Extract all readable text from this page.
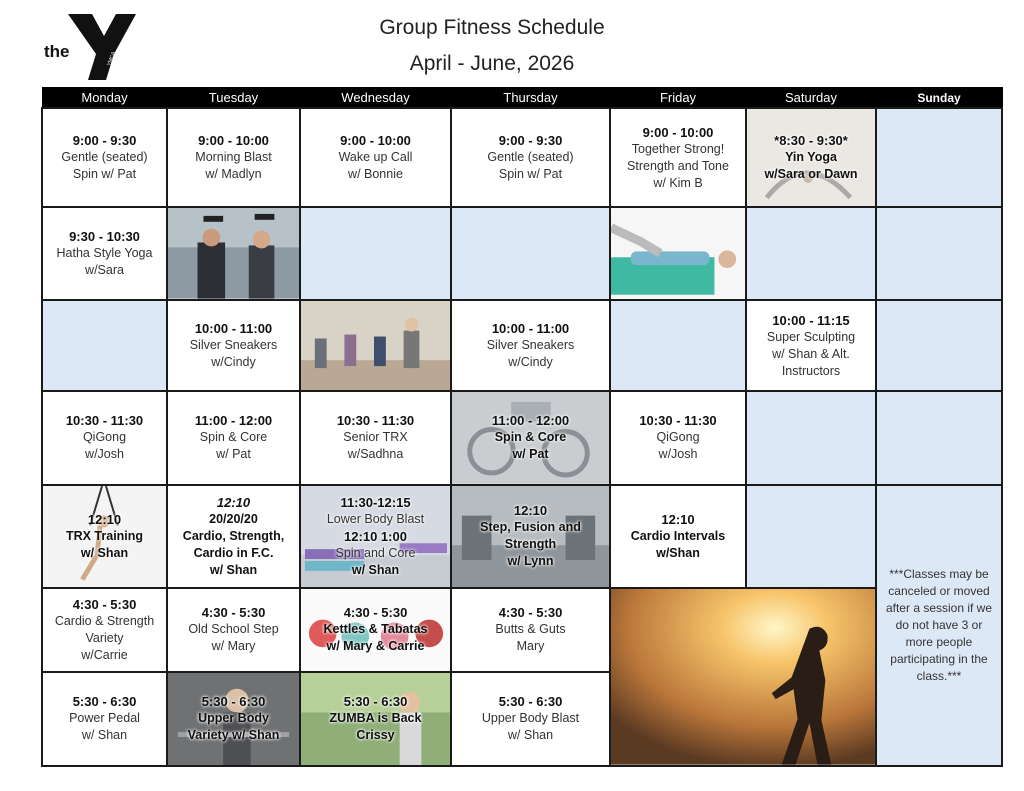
the	YMCA
Group Fitness Schedule
April - June, 2026
Monday	Tuesday	Wednesday	Thursday	Friday	Saturday	Sunday

9:00 - 9:30
Gentle (seated)
Spin w/ Pat	9:00 - 10:00
Morning Blast
w/ Madlyn	9:00 - 10:00
Wake up Call
w/ Bonnie	9:00 - 9:30
Gentle (seated)
Spin w/ Pat	9:00 - 10:00
Together Strong!
Strength and Tone
w/ Kim B	*8:30 - 9:30*
Yin Yoga
w/Sara or Dawn	

9:30 - 10:30
Hatha Style Yoga
w/Sara

	10:00 - 11:00
Silver Sneakers
w/Cindy		10:00 - 11:00
Silver Sneakers
w/Cindy		10:00 - 11:15
Super Sculpting
w/ Shan & Alt.
Instructors	

10:30 - 11:30
QiGong
w/Josh	11:00 - 12:00
Spin & Core
w/ Pat	10:30 - 11:30
Senior TRX
w/Sadhna	11:00 - 12:00
Spin & Core
w/ Pat	10:30 - 11:30
QiGong
w/Josh		

12:10
TRX Training
w/ Shan	12:10
20/20/20
Cardio, Strength,
Cardio in F.C.
w/ Shan	11:30-12:15
Lower Body Blast
12:10 1:00
Spin and Core
w/ Shan	12:10
Step, Fusion and
Strength
w/ Lynn	12:10
Cardio Intervals
w/Shan		***Classes may be canceled or moved after a session if we do not have 3 or more people participating in the class.***

4:30 - 5:30
Cardio & Strength
Variety
w/Carrie	4:30 - 5:30
Old School Step
w/ Mary	4:30 - 5:30
Kettles & Tabatas
w/ Mary & Carrie	4:30 - 5:30
Butts & Guts
Mary

5:30 - 6:30
Power Pedal
w/ Shan	5:30 - 6:30
Upper Body
Variety w/ Shan	5:30 - 6:30
ZUMBA is Back
Crissy	5:30 - 6:30
Upper Body Blast
w/ Shan			
